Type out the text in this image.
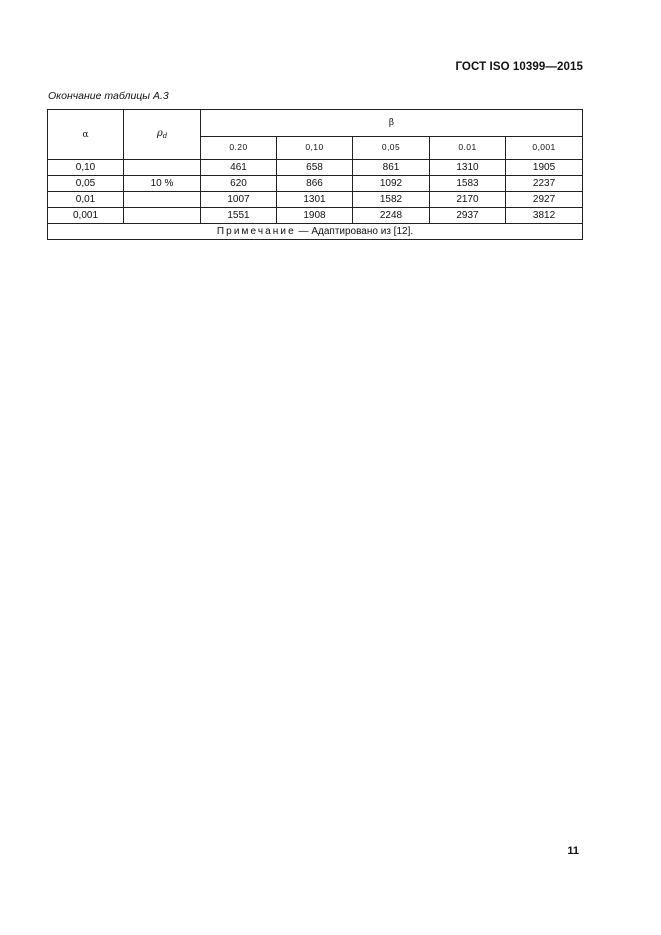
ГОСТ ISO 10399—2015
Окончание таблицы А.3
α	$\rho_d$	β				
		0.20	0,10	0,05	0.01	0,001
0,10		461	658	861	1310	1905
0,05	10 %	620	866	1092	1583	2237
0,01		1007	1301	1582	2170	2927
0,001		1551	1908	2248	2937	3812
Примечание — Адаптировано из [12].						
11
